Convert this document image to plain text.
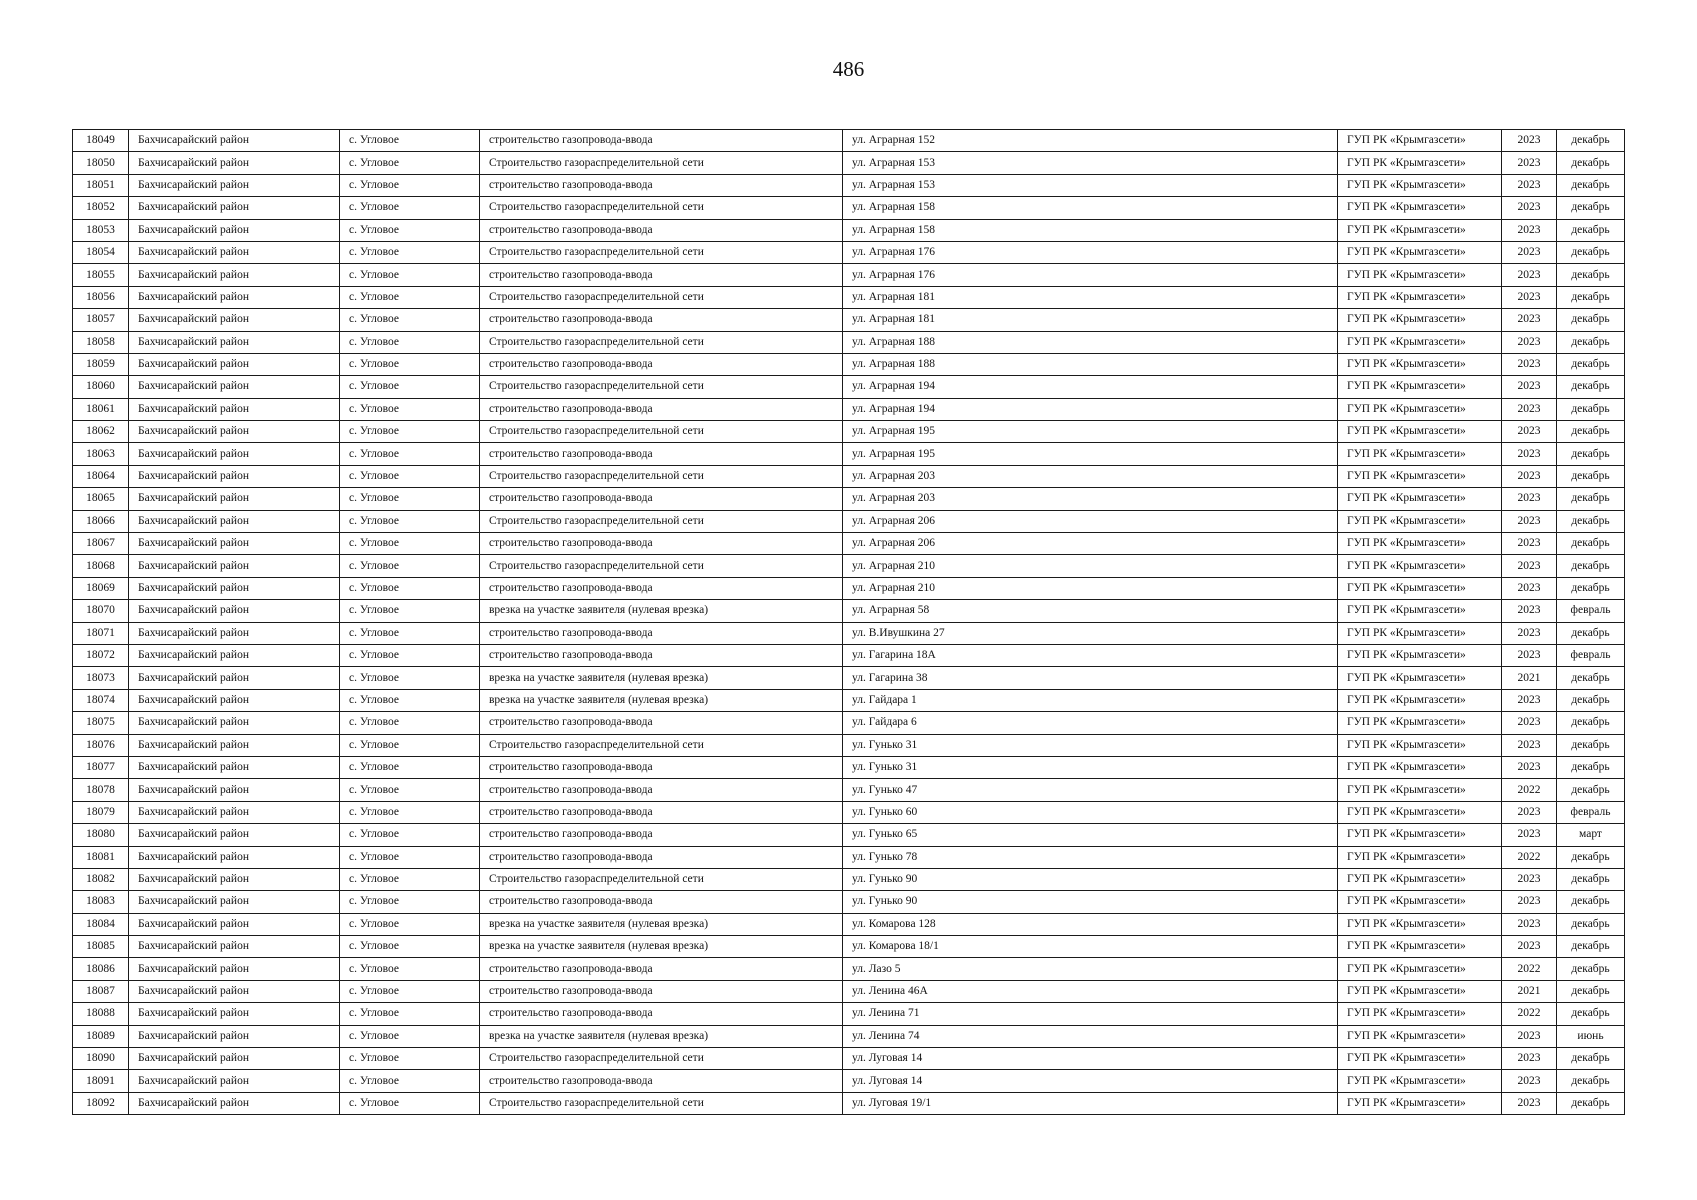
486
18049	Бахчисарайский район	с. Угловое	строительство газопровода-ввода	ул. Аграрная 152	ГУП РК «Крымгазсети»	2023	декабрь
18050	Бахчисарайский район	с. Угловое	Строительство газораспределительной сети	ул. Аграрная 153	ГУП РК «Крымгазсети»	2023	декабрь
18051	Бахчисарайский район	с. Угловое	строительство газопровода-ввода	ул. Аграрная 153	ГУП РК «Крымгазсети»	2023	декабрь
18052	Бахчисарайский район	с. Угловое	Строительство газораспределительной сети	ул. Аграрная 158	ГУП РК «Крымгазсети»	2023	декабрь
18053	Бахчисарайский район	с. Угловое	строительство газопровода-ввода	ул. Аграрная 158	ГУП РК «Крымгазсети»	2023	декабрь
18054	Бахчисарайский район	с. Угловое	Строительство газораспределительной сети	ул. Аграрная 176	ГУП РК «Крымгазсети»	2023	декабрь
18055	Бахчисарайский район	с. Угловое	строительство газопровода-ввода	ул. Аграрная 176	ГУП РК «Крымгазсети»	2023	декабрь
18056	Бахчисарайский район	с. Угловое	Строительство газораспределительной сети	ул. Аграрная 181	ГУП РК «Крымгазсети»	2023	декабрь
18057	Бахчисарайский район	с. Угловое	строительство газопровода-ввода	ул. Аграрная 181	ГУП РК «Крымгазсети»	2023	декабрь
18058	Бахчисарайский район	с. Угловое	Строительство газораспределительной сети	ул. Аграрная 188	ГУП РК «Крымгазсети»	2023	декабрь
18059	Бахчисарайский район	с. Угловое	строительство газопровода-ввода	ул. Аграрная 188	ГУП РК «Крымгазсети»	2023	декабрь
18060	Бахчисарайский район	с. Угловое	Строительство газораспределительной сети	ул. Аграрная 194	ГУП РК «Крымгазсети»	2023	декабрь
18061	Бахчисарайский район	с. Угловое	строительство газопровода-ввода	ул. Аграрная 194	ГУП РК «Крымгазсети»	2023	декабрь
18062	Бахчисарайский район	с. Угловое	Строительство газораспределительной сети	ул. Аграрная 195	ГУП РК «Крымгазсети»	2023	декабрь
18063	Бахчисарайский район	с. Угловое	строительство газопровода-ввода	ул. Аграрная 195	ГУП РК «Крымгазсети»	2023	декабрь
18064	Бахчисарайский район	с. Угловое	Строительство газораспределительной сети	ул. Аграрная 203	ГУП РК «Крымгазсети»	2023	декабрь
18065	Бахчисарайский район	с. Угловое	строительство газопровода-ввода	ул. Аграрная 203	ГУП РК «Крымгазсети»	2023	декабрь
18066	Бахчисарайский район	с. Угловое	Строительство газораспределительной сети	ул. Аграрная 206	ГУП РК «Крымгазсети»	2023	декабрь
18067	Бахчисарайский район	с. Угловое	строительство газопровода-ввода	ул. Аграрная 206	ГУП РК «Крымгазсети»	2023	декабрь
18068	Бахчисарайский район	с. Угловое	Строительство газораспределительной сети	ул. Аграрная 210	ГУП РК «Крымгазсети»	2023	декабрь
18069	Бахчисарайский район	с. Угловое	строительство газопровода-ввода	ул. Аграрная 210	ГУП РК «Крымгазсети»	2023	декабрь
18070	Бахчисарайский район	с. Угловое	врезка на участке заявителя (нулевая врезка)	ул. Аграрная 58	ГУП РК «Крымгазсети»	2023	февраль
18071	Бахчисарайский район	с. Угловое	строительство газопровода-ввода	ул. В.Ивушкина 27	ГУП РК «Крымгазсети»	2023	декабрь
18072	Бахчисарайский район	с. Угловое	строительство газопровода-ввода	ул. Гагарина 18А	ГУП РК «Крымгазсети»	2023	февраль
18073	Бахчисарайский район	с. Угловое	врезка на участке заявителя (нулевая врезка)	ул. Гагарина 38	ГУП РК «Крымгазсети»	2021	декабрь
18074	Бахчисарайский район	с. Угловое	врезка на участке заявителя (нулевая врезка)	ул. Гайдара 1	ГУП РК «Крымгазсети»	2023	декабрь
18075	Бахчисарайский район	с. Угловое	строительство газопровода-ввода	ул. Гайдара 6	ГУП РК «Крымгазсети»	2023	декабрь
18076	Бахчисарайский район	с. Угловое	Строительство газораспределительной сети	ул. Гунько 31	ГУП РК «Крымгазсети»	2023	декабрь
18077	Бахчисарайский район	с. Угловое	строительство газопровода-ввода	ул. Гунько 31	ГУП РК «Крымгазсети»	2023	декабрь
18078	Бахчисарайский район	с. Угловое	строительство газопровода-ввода	ул. Гунько 47	ГУП РК «Крымгазсети»	2022	декабрь
18079	Бахчисарайский район	с. Угловое	строительство газопровода-ввода	ул. Гунько 60	ГУП РК «Крымгазсети»	2023	февраль
18080	Бахчисарайский район	с. Угловое	строительство газопровода-ввода	ул. Гунько 65	ГУП РК «Крымгазсети»	2023	март
18081	Бахчисарайский район	с. Угловое	строительство газопровода-ввода	ул. Гунько 78	ГУП РК «Крымгазсети»	2022	декабрь
18082	Бахчисарайский район	с. Угловое	Строительство газораспределительной сети	ул. Гунько 90	ГУП РК «Крымгазсети»	2023	декабрь
18083	Бахчисарайский район	с. Угловое	строительство газопровода-ввода	ул. Гунько 90	ГУП РК «Крымгазсети»	2023	декабрь
18084	Бахчисарайский район	с. Угловое	врезка на участке заявителя (нулевая врезка)	ул. Комарова 128	ГУП РК «Крымгазсети»	2023	декабрь
18085	Бахчисарайский район	с. Угловое	врезка на участке заявителя (нулевая врезка)	ул. Комарова 18/1	ГУП РК «Крымгазсети»	2023	декабрь
18086	Бахчисарайский район	с. Угловое	строительство газопровода-ввода	ул. Лазо 5	ГУП РК «Крымгазсети»	2022	декабрь
18087	Бахчисарайский район	с. Угловое	строительство газопровода-ввода	ул. Ленина 46А	ГУП РК «Крымгазсети»	2021	декабрь
18088	Бахчисарайский район	с. Угловое	строительство газопровода-ввода	ул. Ленина 71	ГУП РК «Крымгазсети»	2022	декабрь
18089	Бахчисарайский район	с. Угловое	врезка на участке заявителя (нулевая врезка)	ул. Ленина 74	ГУП РК «Крымгазсети»	2023	июнь
18090	Бахчисарайский район	с. Угловое	Строительство газораспределительной сети	ул. Луговая 14	ГУП РК «Крымгазсети»	2023	декабрь
18091	Бахчисарайский район	с. Угловое	строительство газопровода-ввода	ул. Луговая 14	ГУП РК «Крымгазсети»	2023	декабрь
18092	Бахчисарайский район	с. Угловое	Строительство газораспределительной сети	ул. Луговая 19/1	ГУП РК «Крымгазсети»	2023	декабрь
